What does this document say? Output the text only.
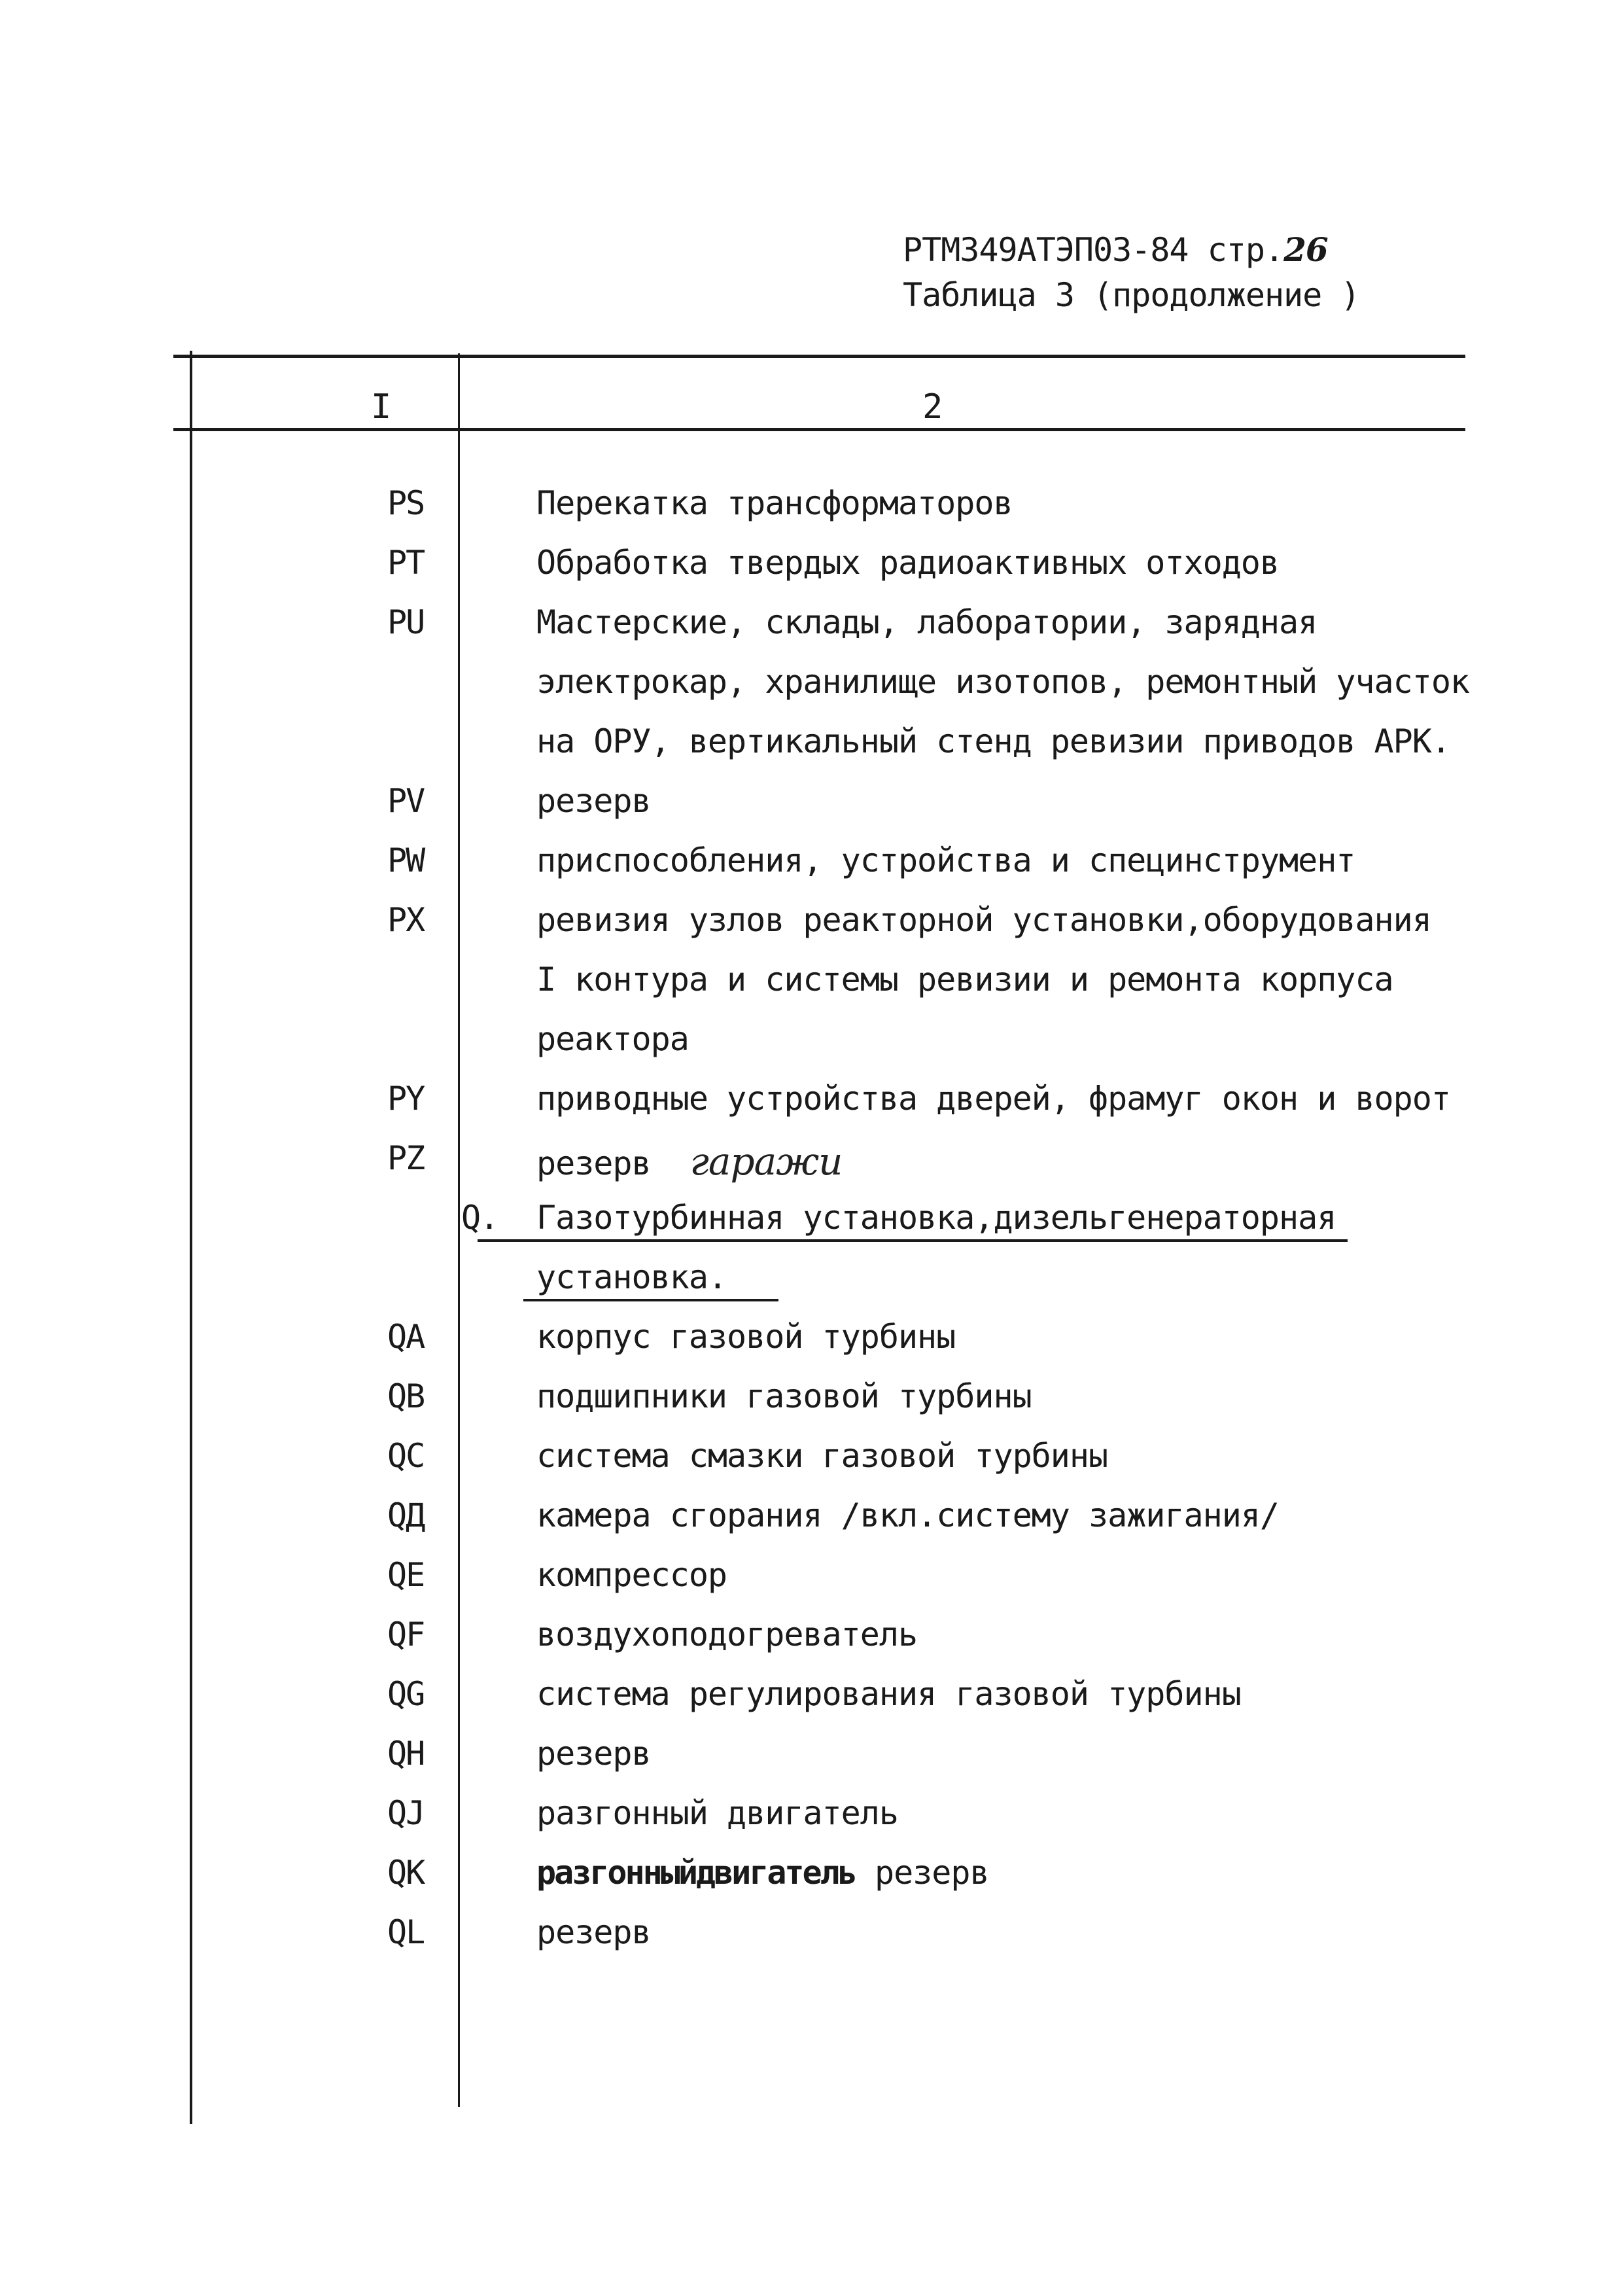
РТМ349АТЭП03-84 стр.26
Таблица 3 (продолжение )
I	2
PS	Перекатка трансформаторов
PT	Обработка твердых радиоактивных отходов
PU	Мастерские, склады, лаборатории, зарядная
электрокар, хранилище изотопов, ремонтный участок
на ОРУ, вертикальный стенд ревизии приводов АРК.
PV	резерв
PW	приспособления, устройства и специнструмент
PX	ревизия узлов реакторной установки,оборудования
I контура и системы ревизии и ремонта корпуса
реактора
PY	приводные устройства дверей, фрамуг окон и ворот
PZ	резерв гаражи
Q. Газотурбинная установка,дизельгенераторная
установка.
QA	корпус газовой турбины
QB	подшипники газовой турбины
QC	система смазки газовой турбины
QД	камера сгорания /вкл.систему зажигания/
QE	компрессор
QF	воздухоподогреватель
QG	система регулирования газовой турбины
QH	резерв
QJ	разгонный двигатель
QK	разгонныйдвигатель резерв
QL	резерв
